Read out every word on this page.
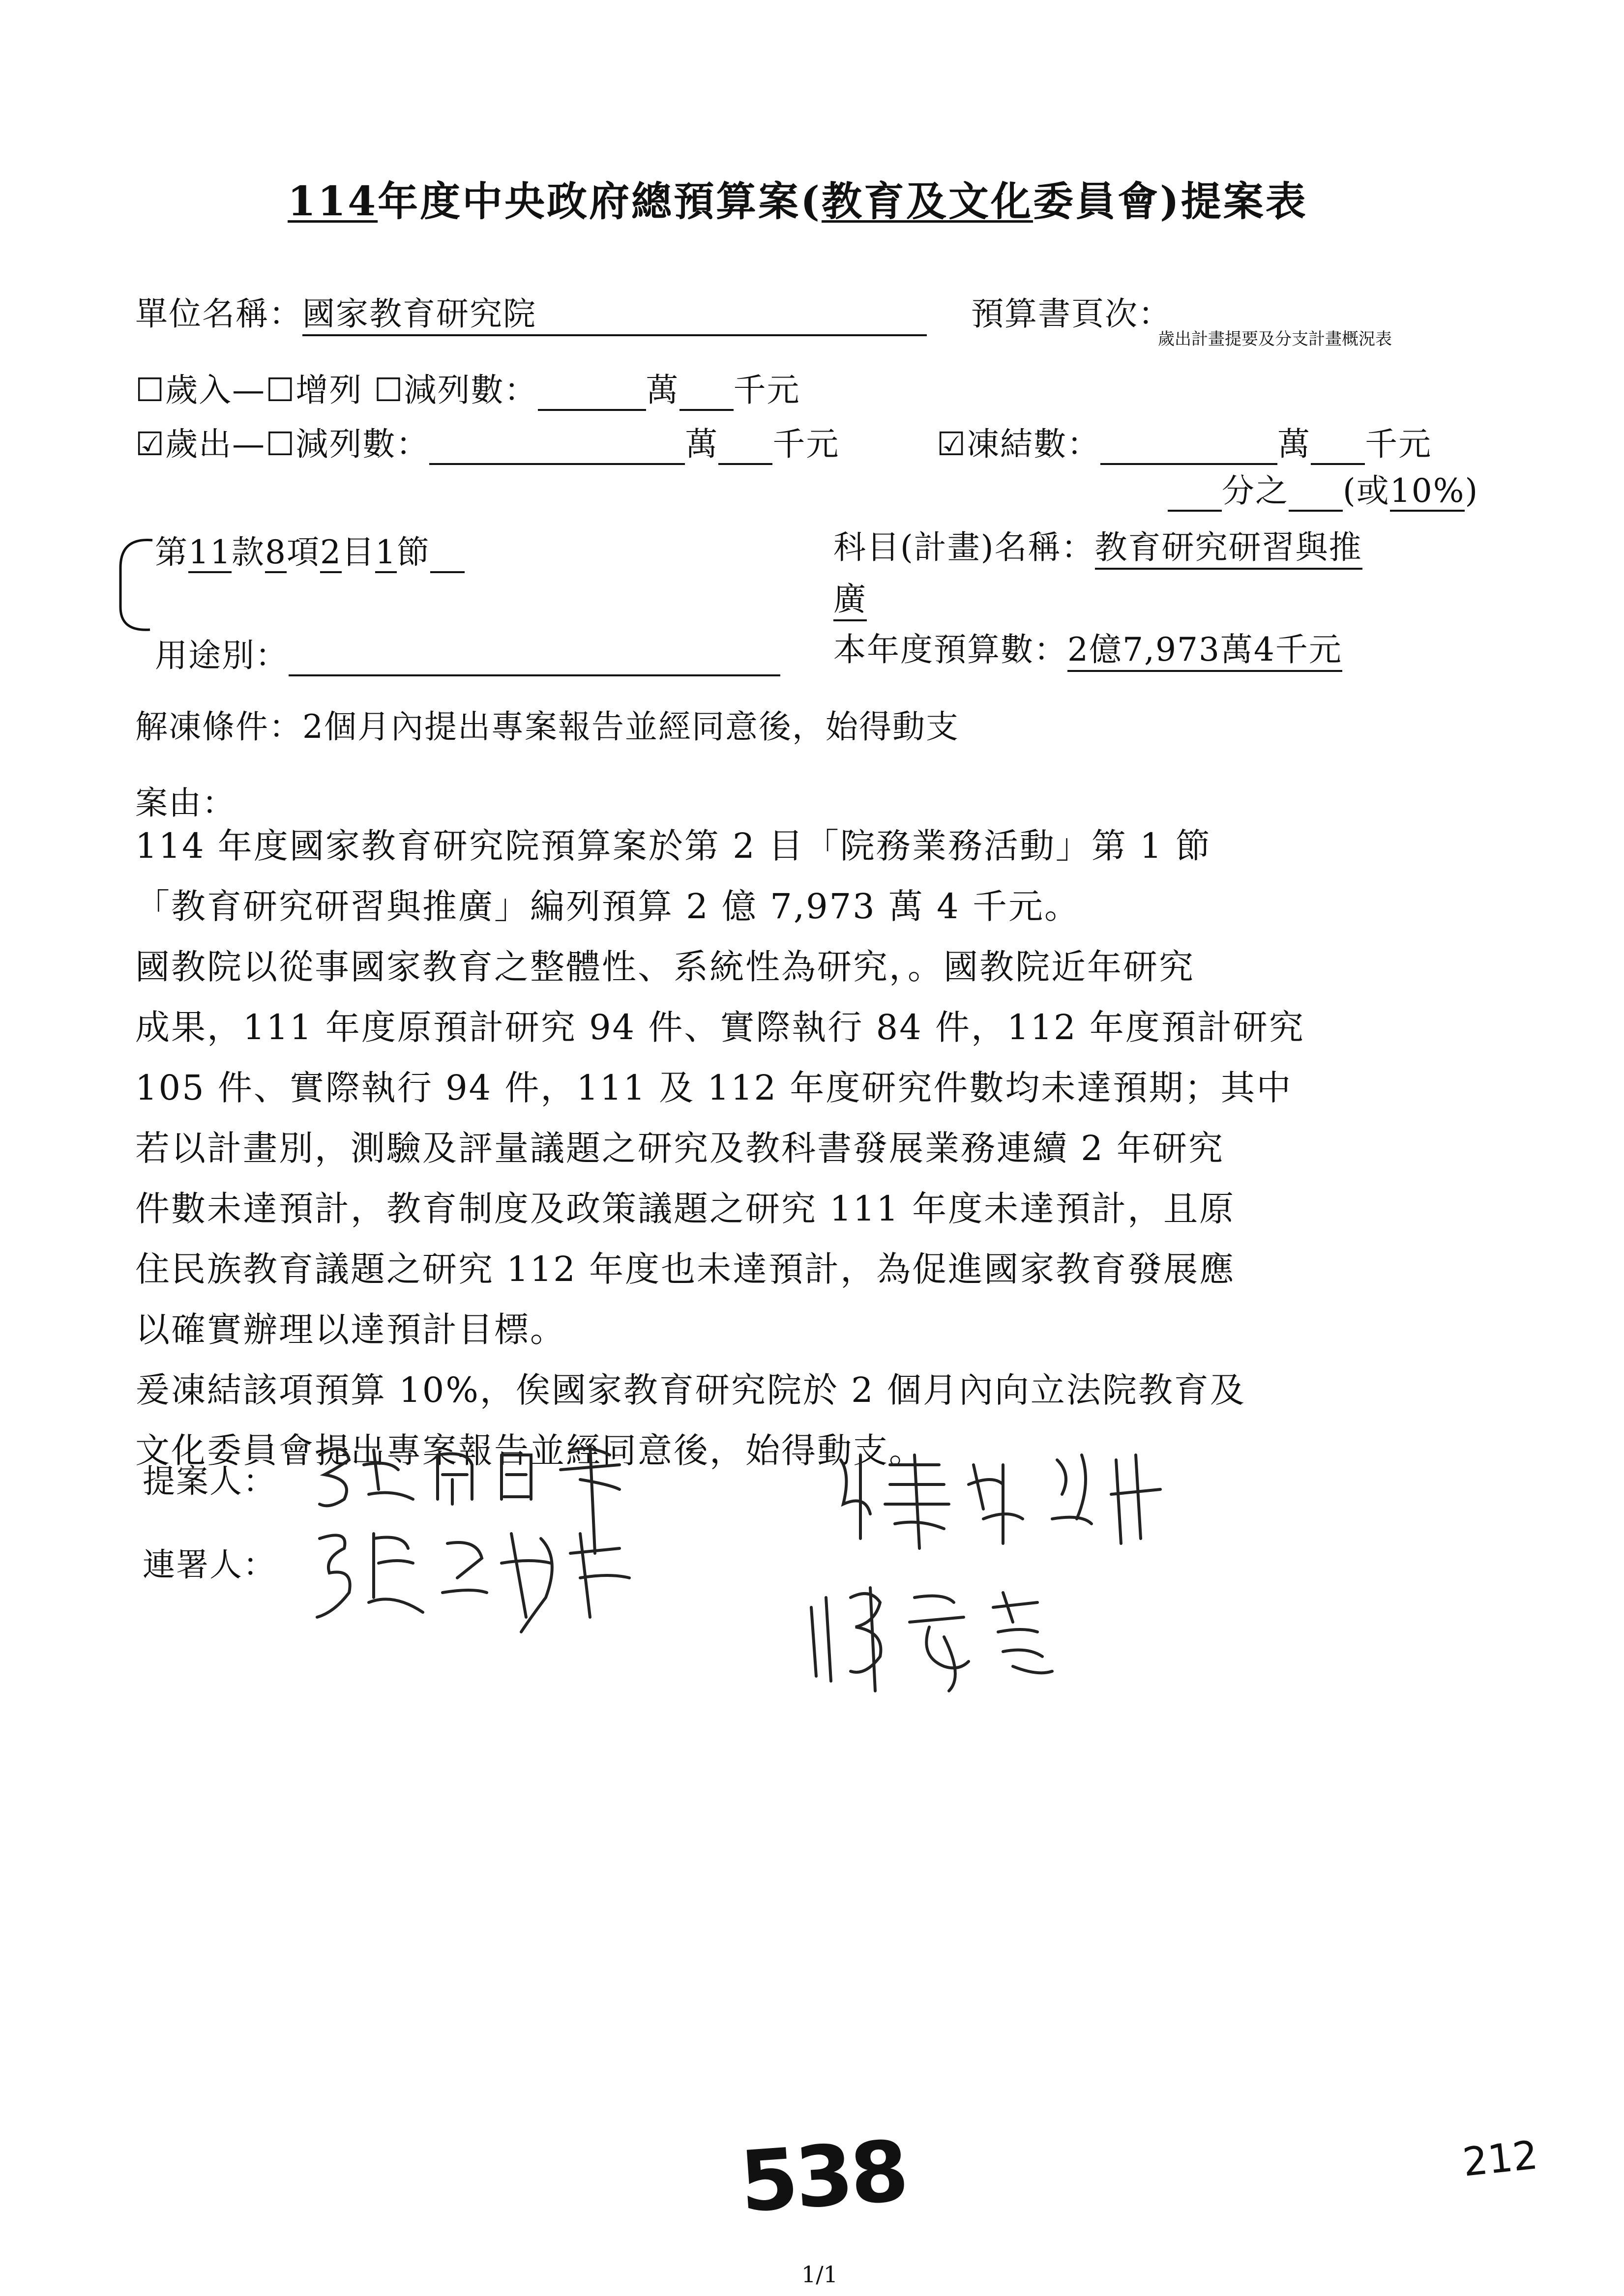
114年度中央政府總預算案(教育及文化委員會)提案表
單位名稱：國家教育研究院	預算書頁次：
歲出計畫提要及分支計畫概況表
☐歲入—☐增列 ☐減列數：	萬 千元
☑歲出—☐減列數：	萬 千元	☑凍結數：	萬 千元
分之 (或10%)
第11款8項2目1節	科目(計畫)名稱：教育研究研習與推
廣
用途別：	本年度預算數：2億7,973萬4千元
解凍條件：2個月內提出專案報告並經同意後，始得動支
案由：
114 年度國家教育研究院預算案於第 2 目「院務業務活動」第 1 節
「教育研究研習與推廣」編列預算 2 億 7,973 萬 4 千元。
國教院以從事國家教育之整體性、系統性為研究，。國教院近年研究
成果，111 年度原預計研究 94 件、實際執行 84 件，112 年度預計研究
105 件、實際執行 94 件，111 及 112 年度研究件數均未達預期；其中
若以計畫別，測驗及評量議題之研究及教科書發展業務連續 2 年研究
件數未達預計，教育制度及政策議題之研究 111 年度未達預計，且原
住民族教育議題之研究 112 年度也未達預計，為促進國家教育發展應
以確實辦理以達預計目標。
爰凍結該項預算 10%，俟國家教育研究院於 2 個月內向立法院教育及
文化委員會提出專案報告並經同意後，始得動支。
提案人：
連署人：
538	212
1/1
